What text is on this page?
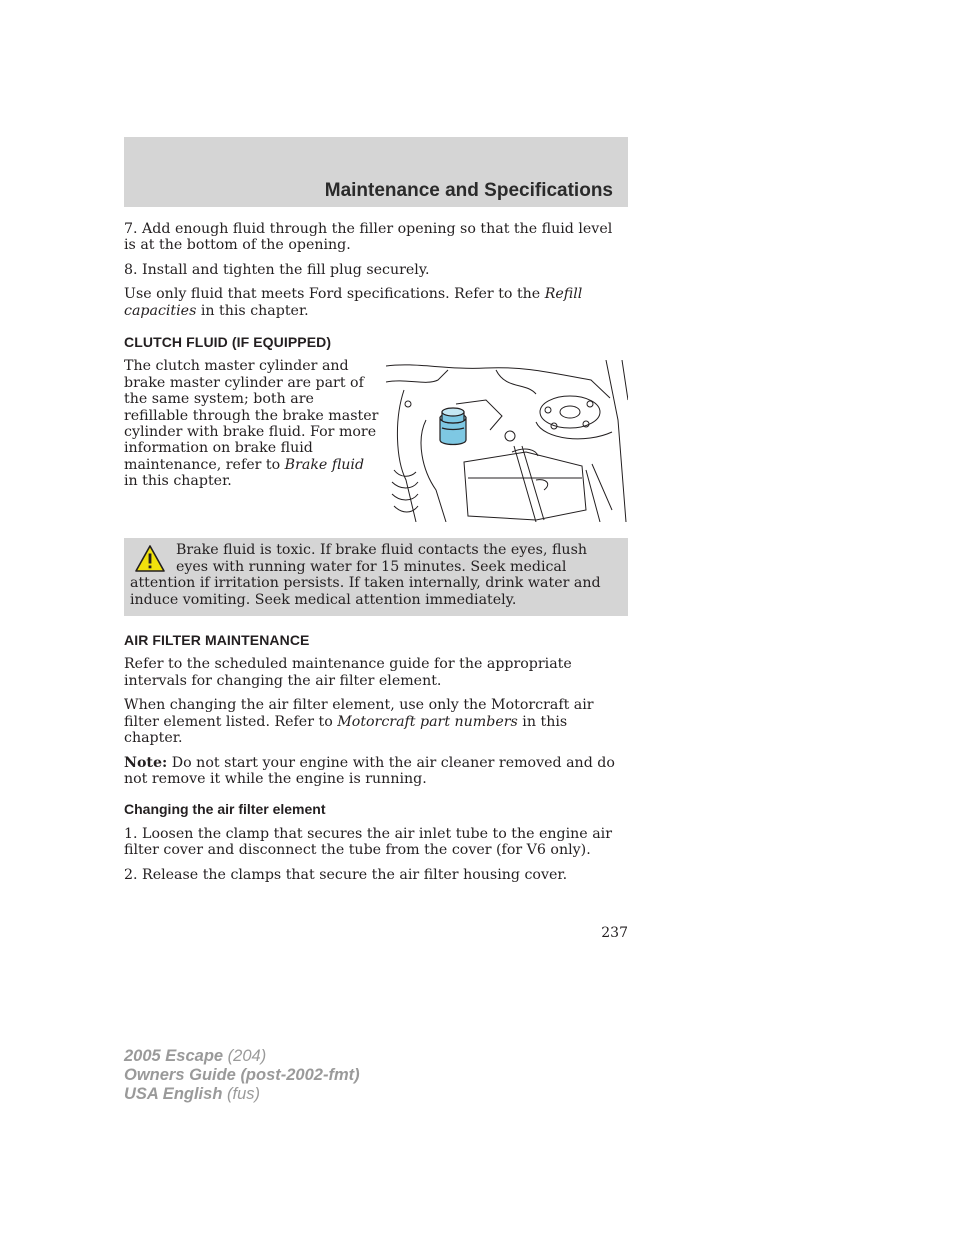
Maintenance and Specifications

7. Add enough fluid through the filler opening so that the fluid level is at the bottom of the opening.

8. Install and tighten the fill plug securely.

Use only fluid that meets Ford specifications. Refer to the Refill capacities in this chapter.

CLUTCH FLUID (IF EQUIPPED)

The clutch master cylinder and brake master cylinder are part of the same system; both are refillable through the brake master cylinder with brake fluid. For more information on brake fluid maintenance, refer to Brake fluid in this chapter.

Brake fluid is toxic. If brake fluid contacts the eyes, flush eyes with running water for 15 minutes. Seek medical attention if irritation persists. If taken internally, drink water and induce vomiting. Seek medical attention immediately.

AIR FILTER MAINTENANCE

Refer to the scheduled maintenance guide for the appropriate intervals for changing the air filter element.

When changing the air filter element, use only the Motorcraft air filter element listed. Refer to Motorcraft part numbers in this chapter.

Note: Do not start your engine with the air cleaner removed and do not remove it while the engine is running.

Changing the air filter element

1. Loosen the clamp that secures the air inlet tube to the engine air filter cover and disconnect the tube from the cover (for V6 only).

2. Release the clamps that secure the air filter housing cover.

237
2005 Escape (204)
Owners Guide (post-2002-fmt)
USA English (fus)
